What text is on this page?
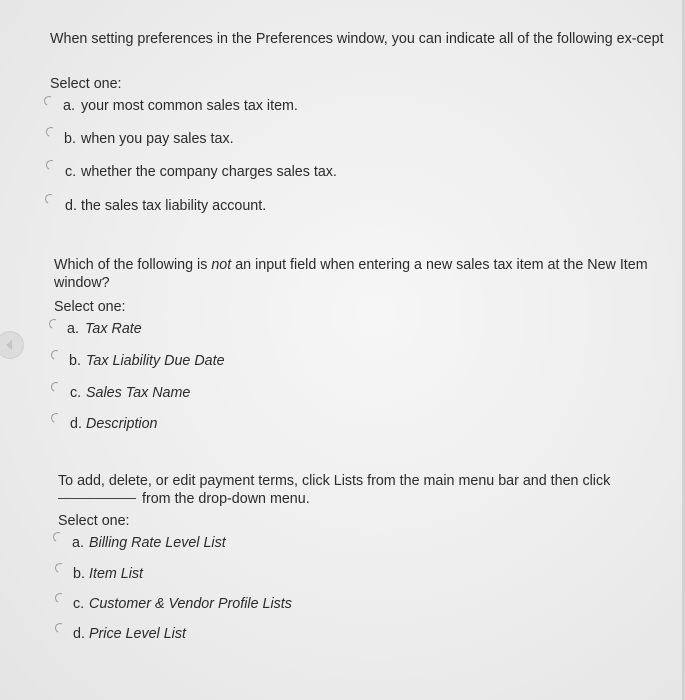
When setting preferences in the Preferences window, you can indicate all of the following ex-cept
Select one:
a. your most common sales tax item.
b. when you pay sales tax.
c. whether the company charges sales tax.
d. the sales tax liability account.
Which of the following is not an input field when entering a new sales tax item at the New Item window?
Select one:
a. Tax Rate
b. Tax Liability Due Date
c. Sales Tax Name
d. Description
To add, delete, or edit payment terms, click Lists from the main menu bar and then click
from the drop-down menu.
Select one:
a. Billing Rate Level List
b. Item List
c. Customer & Vendor Profile Lists
d. Price Level List
